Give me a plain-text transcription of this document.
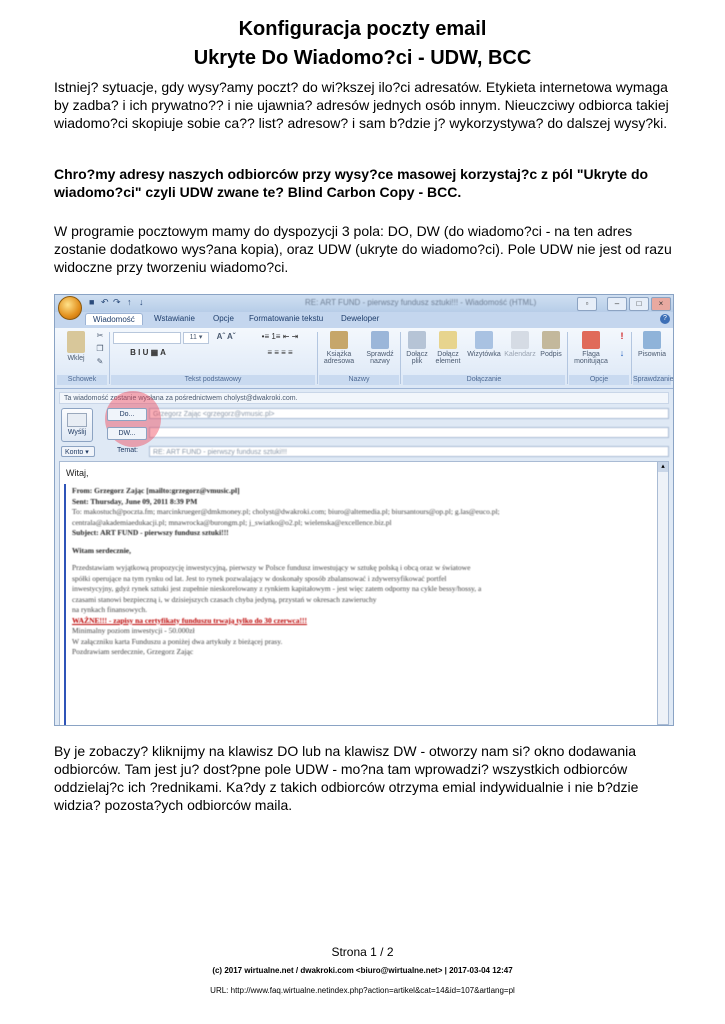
Konfiguracja poczty email
Ukryte Do Wiadomo?ci - UDW, BCC

Istniej? sytuacje, gdy wysy?amy poczt? do wi?kszej ilo?ci adresatów. Etykieta internetowa wymaga by zadba? i ich prywatno?? i nie ujawnia? adresów jednych osób innym. Nieuczciwy odbiorca takiej wiadomo?ci skopiuje sobie ca?? list? adresow? i sam b?dzie j? wykorzystywa? do dalszej wysy?ki.

Chro?my adresy naszych odbiorców przy wysy?ce masowej korzystaj?c z pól "Ukryte do wiadomo?ci" czyli UDW zwane te? Blind Carbon Copy - BCC.

W programie pocztowym mamy do dyspozycji 3 pola: DO, DW (do wiadomo?ci - na ten adres zostanie dodatkowo wys?ana kopia), oraz UDW (ukryte do wiadomo?ci). Pole UDW nie jest od razu widoczne przy tworzeniu wiadomo?ci.

■ ↶ ↷ ↑ ↓	RE: ART FUND - pierwszy fundusz sztuki!!! - Wiadomość (HTML)	▫	–	□	×
Wiadomość	Wstawianie Opcje Formatowanie tekstu Deweloper	?
Wklej
✂
❐
✎
11 ▾	Aˆ Aˇ
B I U ▦ A	≡ ≡ ≡ ≡
•≡ 1≡ ⇤ ⇥
Książka adresowa
Sprawdź nazwy
Dołącz plik
Dołącz element
Wizytówka Kalendarz Podpis	Flaga monitująca
!
↓	Pisownia
Schowek	Tekst podstawowy	Nazwy	Dołączanie	Opcje	Sprawdzanie
Ta wiadomość zostanie wysłana za pośrednictwem cholyst@dwakroki.com.
Wyślij
Do...	Grzegorz Zając <grzegorz@vmusic.pl>
DW...
Konto ▾	Temat:	RE: ART FUND - pierwszy fundusz sztuki!!!
Witaj,
From: Grzegorz Zając [mailto:grzegorz@vmusic.pl]
Sent: Thursday, June 09, 2011 8:39 PM
To: makostuch@poczta.fm; marcinkrueger@dmkmoney.pl; cholyst@dwakroki.com; biuro@altemedia.pl; biursantours@op.pl; g.las@euco.pl;
centrala@akademiaedukacji.pl; mnawrocka@burongm.pl; j_swiatko@o2.pl; wielenska@excellence.biz.pl
Subject: ART FUND - pierwszy fundusz sztuki!!!
Witam serdecznie,
Przedstawiam wyjątkową propozycję inwestycyjną, pierwszy w Polsce fundusz inwestujący w sztukę polską i obcą oraz w światowe
spółki operujące na tym rynku od lat. Jest to rynek pozwalający w doskonały sposób zbalansować i zdywersyfikować portfel
inwestycyjny, gdyż rynek sztuki jest zupełnie nieskorelowany z rynkiem kapitałowym - jest więc zatem odporny na cykle bessy/hossy, a
czasami stanowi bezpieczną i, w dzisiejszych czasach chyba jedyną, przystań w okresach zawieruchy
na rynkach finansowych.
WAŻNE!!! - zapisy na certyfikaty funduszu trwają tylko do 30 czerwca!!!
Minimalny poziom inwestycji - 50.000zł
W załączniku karta Funduszu a poniżej dwa artykuły z bieżącej prasy.
Pozdrawiam serdecznie, Grzegorz Zając
▴

By je zobaczy? kliknijmy na klawisz DO lub na klawisz DW - otworzy nam si? okno dodawania odbiorców. Tam jest ju? dost?pne pole UDW - mo?na tam wprowadzi? wszystkich odbiorców oddzielaj?c ich ?rednikami. Ka?dy z takich odbiorców otrzyma emial indywidualnie i nie b?dzie widzia? pozosta?ych odbiorców maila.

Strona 1 / 2
(c) 2017 wirtualne.net / dwakroki.com <biuro@wirtualne.net> | 2017-03-04 12:47
URL: http://www.faq.wirtualne.netindex.php?action=artikel&cat=14&id=107&artlang=pl
